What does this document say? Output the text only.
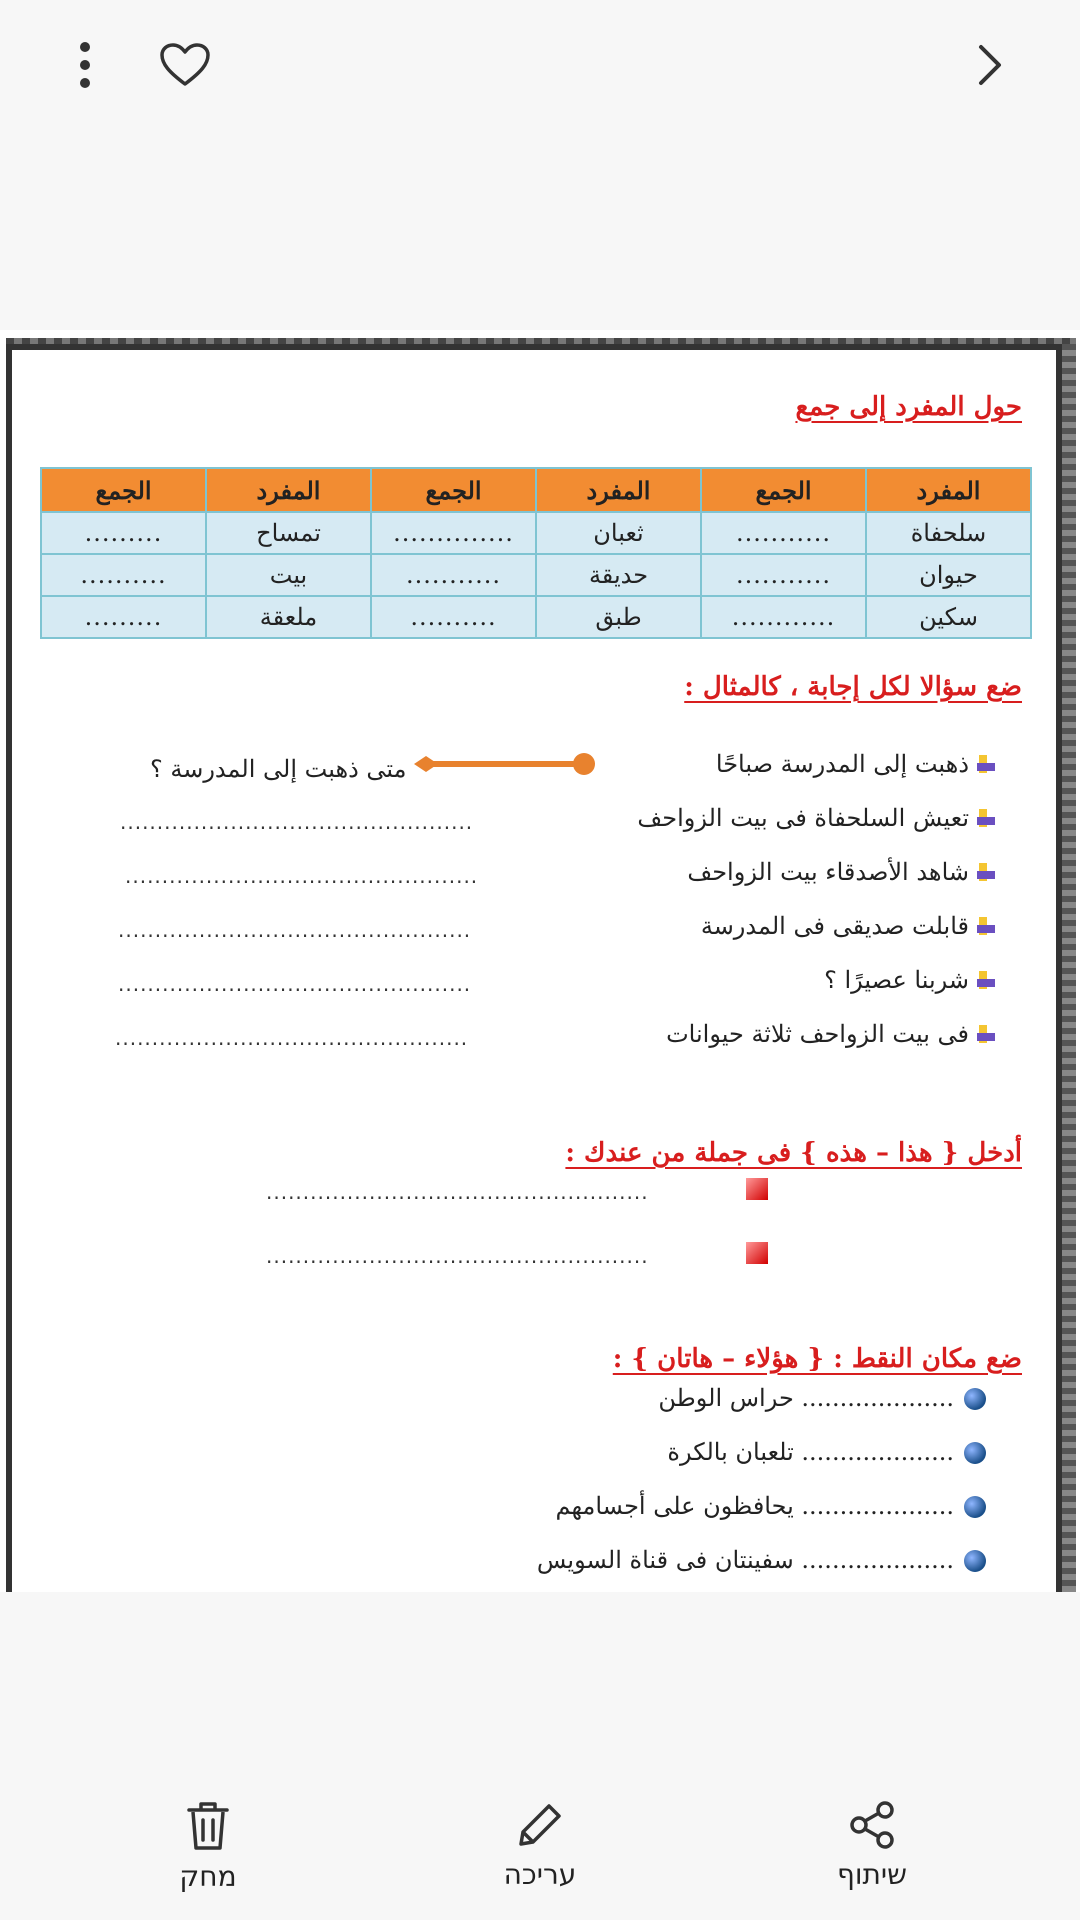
حول المفرد إلى جمع
المفرد	الجمع	المفرد	الجمع	المفرد	الجمع
سلحفاة	...........	ثعبان	..............	تمساح	.........
حيوان	...........	حديقة	...........	بيت	..........
سكين	............	طبق	..........	ملعقة	.........
ضع سؤالا لكل إجابة ، كالمثال :
ذهبت إلى المدرسة صباحًا
متى ذهبت إلى المدرسة ؟
تعيش السلحفاة فى بيت الزواحف
................................................
شاهد الأصدقاء بيت الزواحف
................................................
قابلت صديقى فى المدرسة
................................................
شربنا عصيرًا ؟
................................................
فى بيت الزواحف ثلاثة حيوانات
................................................
أدخل { هذا – هذه } فى جملة من عندك :
....................................................
....................................................
ضع مكان النقط : { هؤلاء – هاتان } :
.................... حراس الوطن
.................... تلعبان بالكرة
.................... يحافظون على أجسامهم
.................... سفينتان فى قناة السويس
מחק	עריכה	שיתוף
